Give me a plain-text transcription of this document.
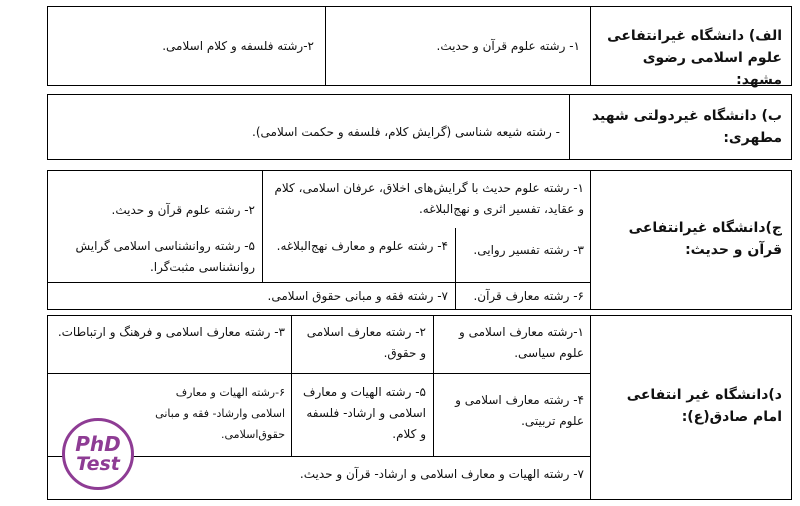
الف) دانشگاه غیرانتفاعی علوم اسلامی رضوی مشهد:
۱- رشته علوم قرآن و حدیث.
۲-رشته فلسفه و کلام اسلامی.
ب) دانشگاه غیردولتی شهید مطهری:
- رشته شیعه شناسی (گرایش کلام، فلسفه و حکمت اسلامی).
ج)دانشگاه غیرانتفاعی قرآن و حدیث:
۱- رشته علوم حدیث با گرایش‌های اخلاق، عرفان اسلامی، کلام و عقاید، تفسیر اثری و نهج‌البلاغه.
۲- رشته علوم قرآن و حدیث.
۳- رشته تفسیر روایی.
۴- رشته علوم و معارف نهج‌البلاغه.
۵- رشته روانشناسی اسلامی گرایش روانشناسی مثبت‌گرا.
۶- رشته معارف قرآن.
۷- رشته فقه و مبانی حقوق اسلامی.
د)دانشگاه غیر انتفاعی امام صادق(ع):
۱-رشته معارف اسلامی و علوم سیاسی.
۲- رشته معارف اسلامی و حقوق.
۳- رشته معارف اسلامی و فرهنگ و ارتباطات.
۴- رشته معارف اسلامی و علوم تربیتی.
۵- رشته الهیات و معارف اسلامی و ارشاد- فلسفه و کلام.
۶-رشته الهیات و معارف اسلامی وارشاد- فقه و مبانی حقوق‌اسلامی.
۷- رشته الهیات و معارف اسلامی و ارشاد- قرآن و حدیث.
PhD
Test
